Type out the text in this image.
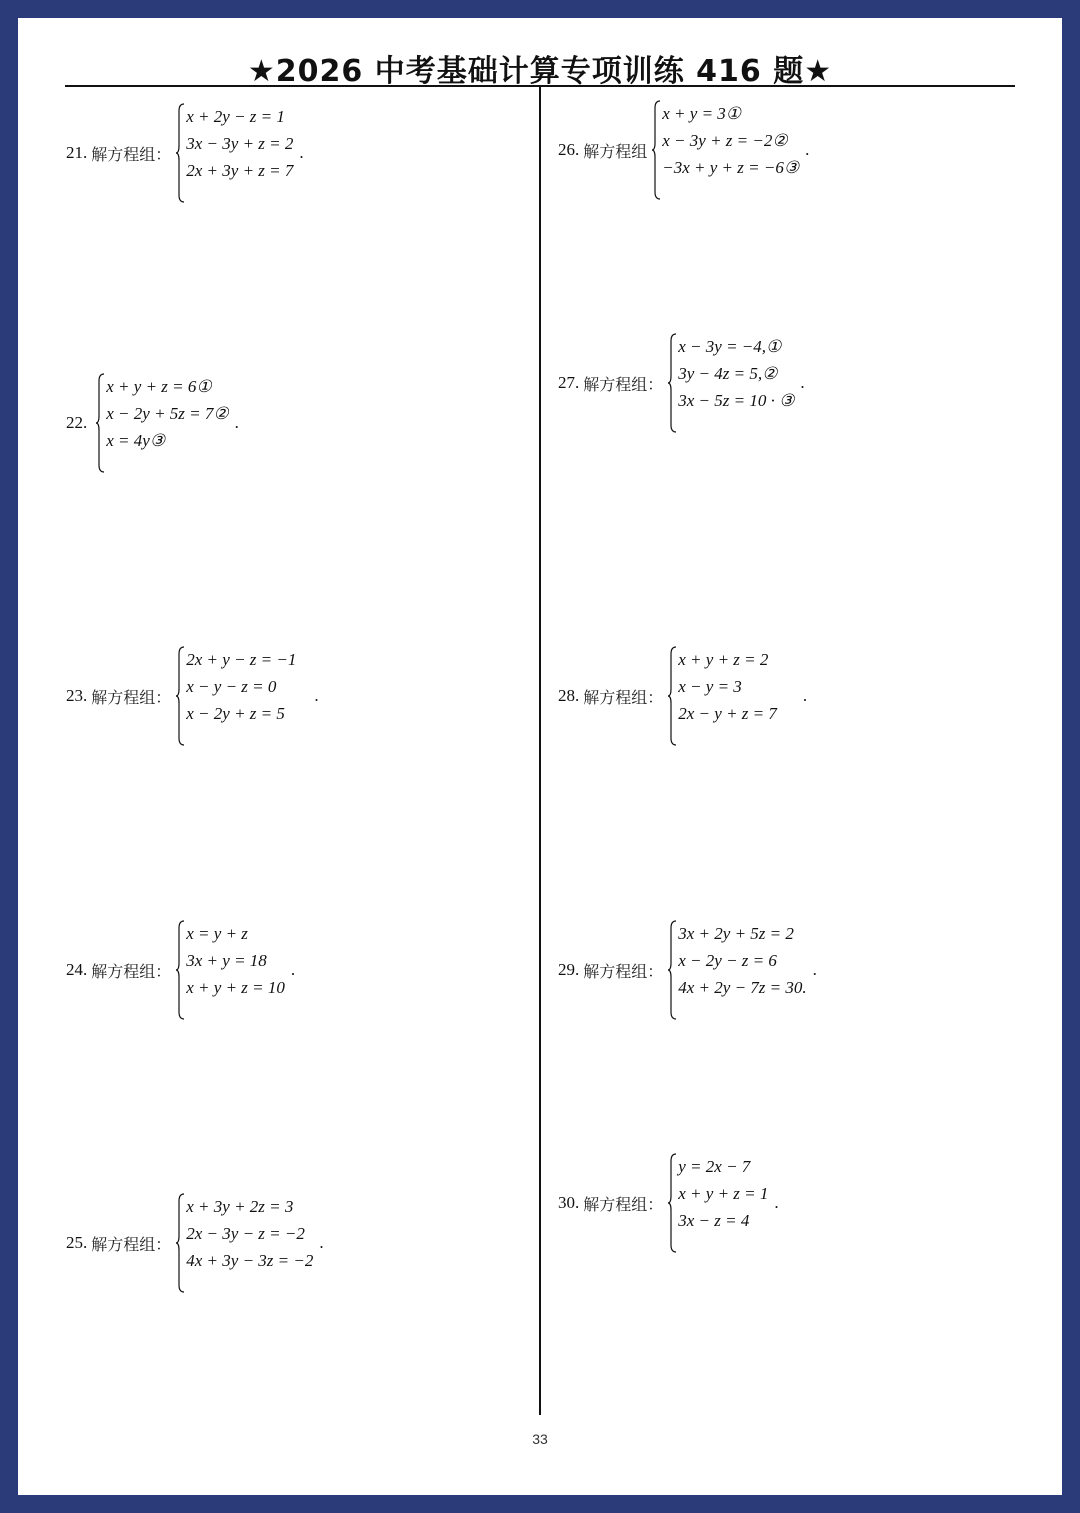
★2026 中考基础计算专项训练 416 题★
21. 解方程组：
x + 2y − z = 1
3x − 3y + z = 2
2x + 3y + z = 7
.
22.
x + y + z = 6①
x − 2y + 5z = 7②
x = 4y③
.
23. 解方程组：
2x + y − z = −1
x − y − z = 0
x − 2y + z = 5
.
24. 解方程组：
x = y + z
3x + y = 18
x + y + z = 10
.
25. 解方程组：
x + 3y + 2z = 3
2x − 3y − z = −2
4x + 3y − 3z = −2
.
26. 解方程组
x + y = 3①
x − 3y + z = −2②
−3x + y + z = −6③
.
27. 解方程组：
x − 3y = −4,①
3y − 4z = 5,②
3x − 5z = 10 · ③
.
28. 解方程组：
x + y + z = 2
x − y = 3
2x − y + z = 7
.
29. 解方程组：
3x + 2y + 5z = 2
x − 2y − z = 6
4x + 2y − 7z = 30.
.
30. 解方程组：
y = 2x − 7
x + y + z = 1
3x − z = 4
.
33
